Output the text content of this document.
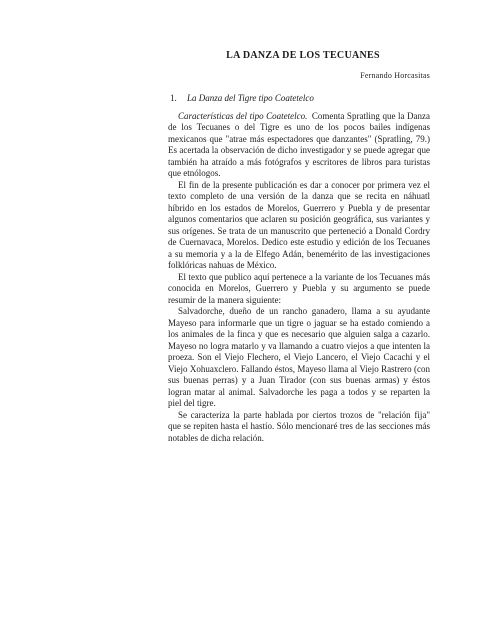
LA DANZA DE LOS TECUANES
Fernando Horcasitas
1. La Danza del Tigre tipo Coatetelco

Características del tipo Coatetelco. Comenta Spratling que la Danza de los Tecuanes o del Tigre es uno de los pocos bailes indígenas mexicanos que "atrae más espectadores que danzantes" (Spratling, 79.) Es acertada la observación de dicho investigador y se puede agregar que también ha atraído a más fotógrafos y escritores de libros para turistas que etnólogos.

El fin de la presente publicación es dar a conocer por primera vez el texto completo de una versión de la danza que se recita en náhuatl híbrido en los estados de Morelos, Guerrero y Puebla y de presentar algunos comentarios que aclaren su posición geográfica, sus variantes y sus orígenes. Se trata de un manuscrito que perteneció a Donald Cordry de Cuernavaca, Morelos. Dedico este estudio y edición de los Tecuanes a su memoria y a la de Elfego Adán, benemérito de las investigaciones folklóricas nahuas de México.

El texto que publico aquí pertenece a la variante de los Tecuanes más conocida en Morelos, Guerrero y Puebla y su argumento se puede resumir de la manera siguiente:

Salvadorche, dueño de un rancho ganadero, llama a su ayudante Mayeso para informarle que un tigre o jaguar se ha estado comiendo a los animales de la finca y que es necesario que alguien salga a cazarlo. Mayeso no logra matarlo y va llamando a cuatro viejos a que intenten la proeza. Son el Viejo Flechero, el Viejo Lancero, el Viejo Cacachi y el Viejo Xohuaxclero. Fallando éstos, Mayeso llama al Viejo Rastrero (con sus buenas perras) y a Juan Tirador (con sus buenas armas) y éstos logran matar al animal. Salvadorche les paga a todos y se reparten la piel del tigre.

Se caracteriza la parte hablada por ciertos trozos de "relación fija" que se repiten hasta el hastío. Sólo mencionaré tres de las secciones más notables de dicha relación.
